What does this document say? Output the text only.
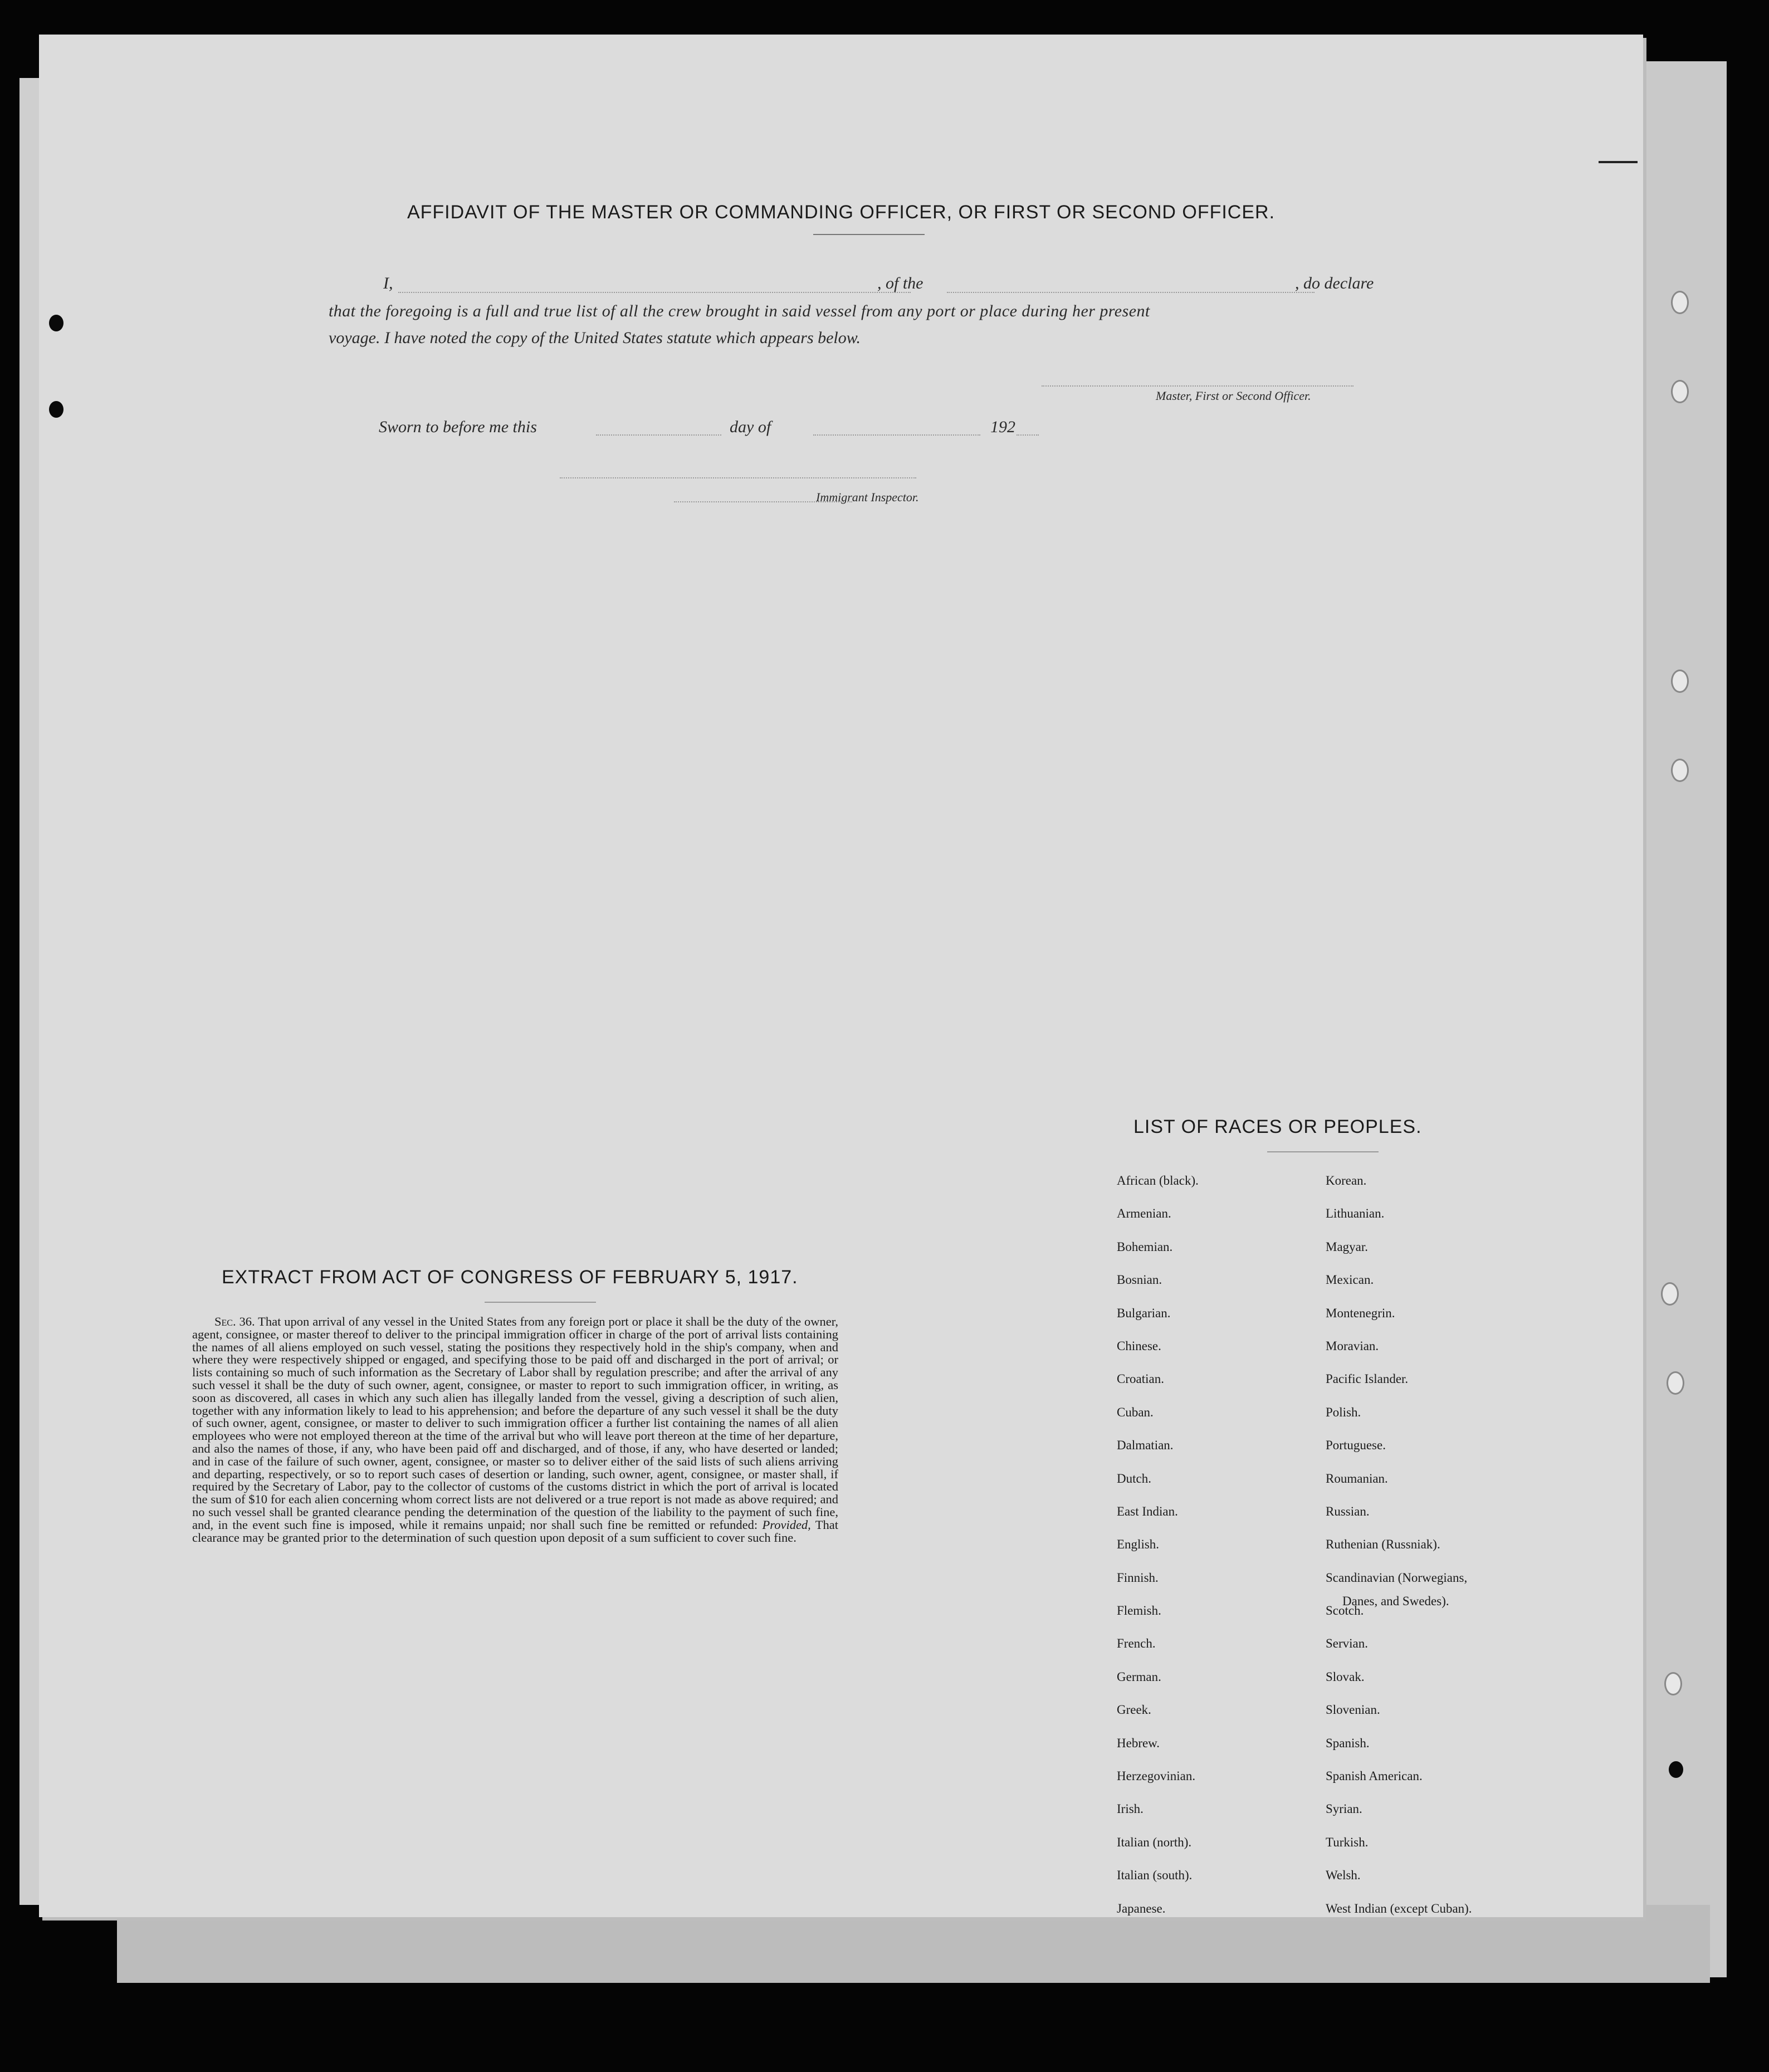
AFFIDAVIT OF THE MASTER OR COMMANDING OFFICER, OR FIRST OR SECOND OFFICER.
I,	, of the	, do declare
that the foregoing is a full and true list of all the crew brought in said vessel from any port or place during her present
voyage. I have noted the copy of the United States statute which appears below.
Master, First or Second Officer.
Sworn to before me this	day of	192
Immigrant Inspector.
EXTRACT FROM ACT OF CONGRESS OF FEBRUARY 5, 1917.
Sec. 36. That upon arrival of any vessel in the United States from any foreign port or place it shall be the duty of the owner, agent, consignee, or master thereof to deliver to the principal immigration officer in charge of the port of arrival lists containing the names of all aliens employed on such vessel, stating the positions they respectively hold in the ship's company, when and where they were respectively shipped or engaged, and specifying those to be paid off and discharged in the port of arrival; or lists containing so much of such information as the Secretary of Labor shall by regulation prescribe; and after the arrival of any such vessel it shall be the duty of such owner, agent, consignee, or master to report to such immigration officer, in writing, as soon as discovered, all cases in which any such alien has illegally landed from the vessel, giving a description of such alien, together with any information likely to lead to his apprehension; and before the departure of any such vessel it shall be the duty of such owner, agent, consignee, or master to deliver to such immigration officer a further list containing the names of all alien employees who were not employed thereon at the time of the arrival but who will leave port thereon at the time of her departure, and also the names of those, if any, who have been paid off and discharged, and of those, if any, who have deserted or landed; and in case of the failure of such owner, agent, consignee, or master so to deliver either of the said lists of such aliens arriving and departing, respectively, or so to report such cases of desertion or landing, such owner, agent, consignee, or master shall, if required by the Secretary of Labor, pay to the collector of customs of the customs district in which the port of arrival is located the sum of $10 for each alien concerning whom correct lists are not delivered or a true report is not made as above required; and no such vessel shall be granted clearance pending the determination of the question of the liability to the payment of such fine, and, in the event such fine is imposed, while it remains unpaid; nor shall such fine be remitted or refunded: Provided, That clearance may be granted prior to the determination of such question upon deposit of a sum sufficient to cover such fine.
LIST OF RACES OR PEOPLES.
African (black).
Armenian.
Bohemian.
Bosnian.
Bulgarian.
Chinese.
Croatian.
Cuban.
Dalmatian.
Dutch.
East Indian.
English.
Finnish.
Flemish.
French.
German.
Greek.
Hebrew.
Herzegovinian.
Irish.
Italian (north).
Italian (south).
Japanese.
Korean.
Lithuanian.
Magyar.
Mexican.
Montenegrin.
Moravian.
Pacific Islander.
Polish.
Portuguese.
Roumanian.
Russian.
Ruthenian (Russniak).
Scandinavian (Norwegians,
Scotch.
Servian.
Slovak.
Slovenian.
Spanish.
Spanish American.
Syrian.
Turkish.
Welsh.
West Indian (except Cuban).
Danes, and Swedes).
